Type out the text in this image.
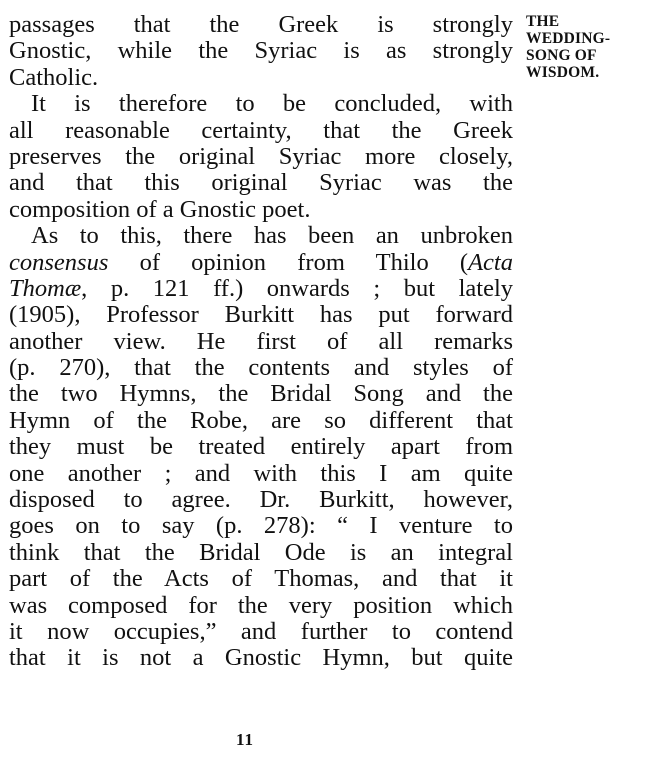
passages that the Greek is strongly
Gnostic, while the Syriac is as strongly
Catholic.
It is therefore to be concluded, with
all reasonable certainty, that the Greek
preserves the original Syriac more closely,
and that this original Syriac was the
composition of a Gnostic poet.
As to this, there has been an unbroken
consensus of opinion from Thilo (Acta
Thomæ, p. 121 ff.) onwards ; but lately
(1905), Professor Burkitt has put forward
another view. He first of all remarks
(p. 270), that the contents and styles of
the two Hymns, the Bridal Song and the
Hymn of the Robe, are so different that
they must be treated entirely apart from
one another ; and with this I am quite
disposed to agree. Dr. Burkitt, however,
goes on to say (p. 278): “ I venture to
think that the Bridal Ode is an integral
part of the Acts of Thomas, and that it
was composed for the very position which
it now occupies,” and further to contend
that it is not a Gnostic Hymn, but quite
THE
WEDDING-
SONG OF
WISDOM.
11
